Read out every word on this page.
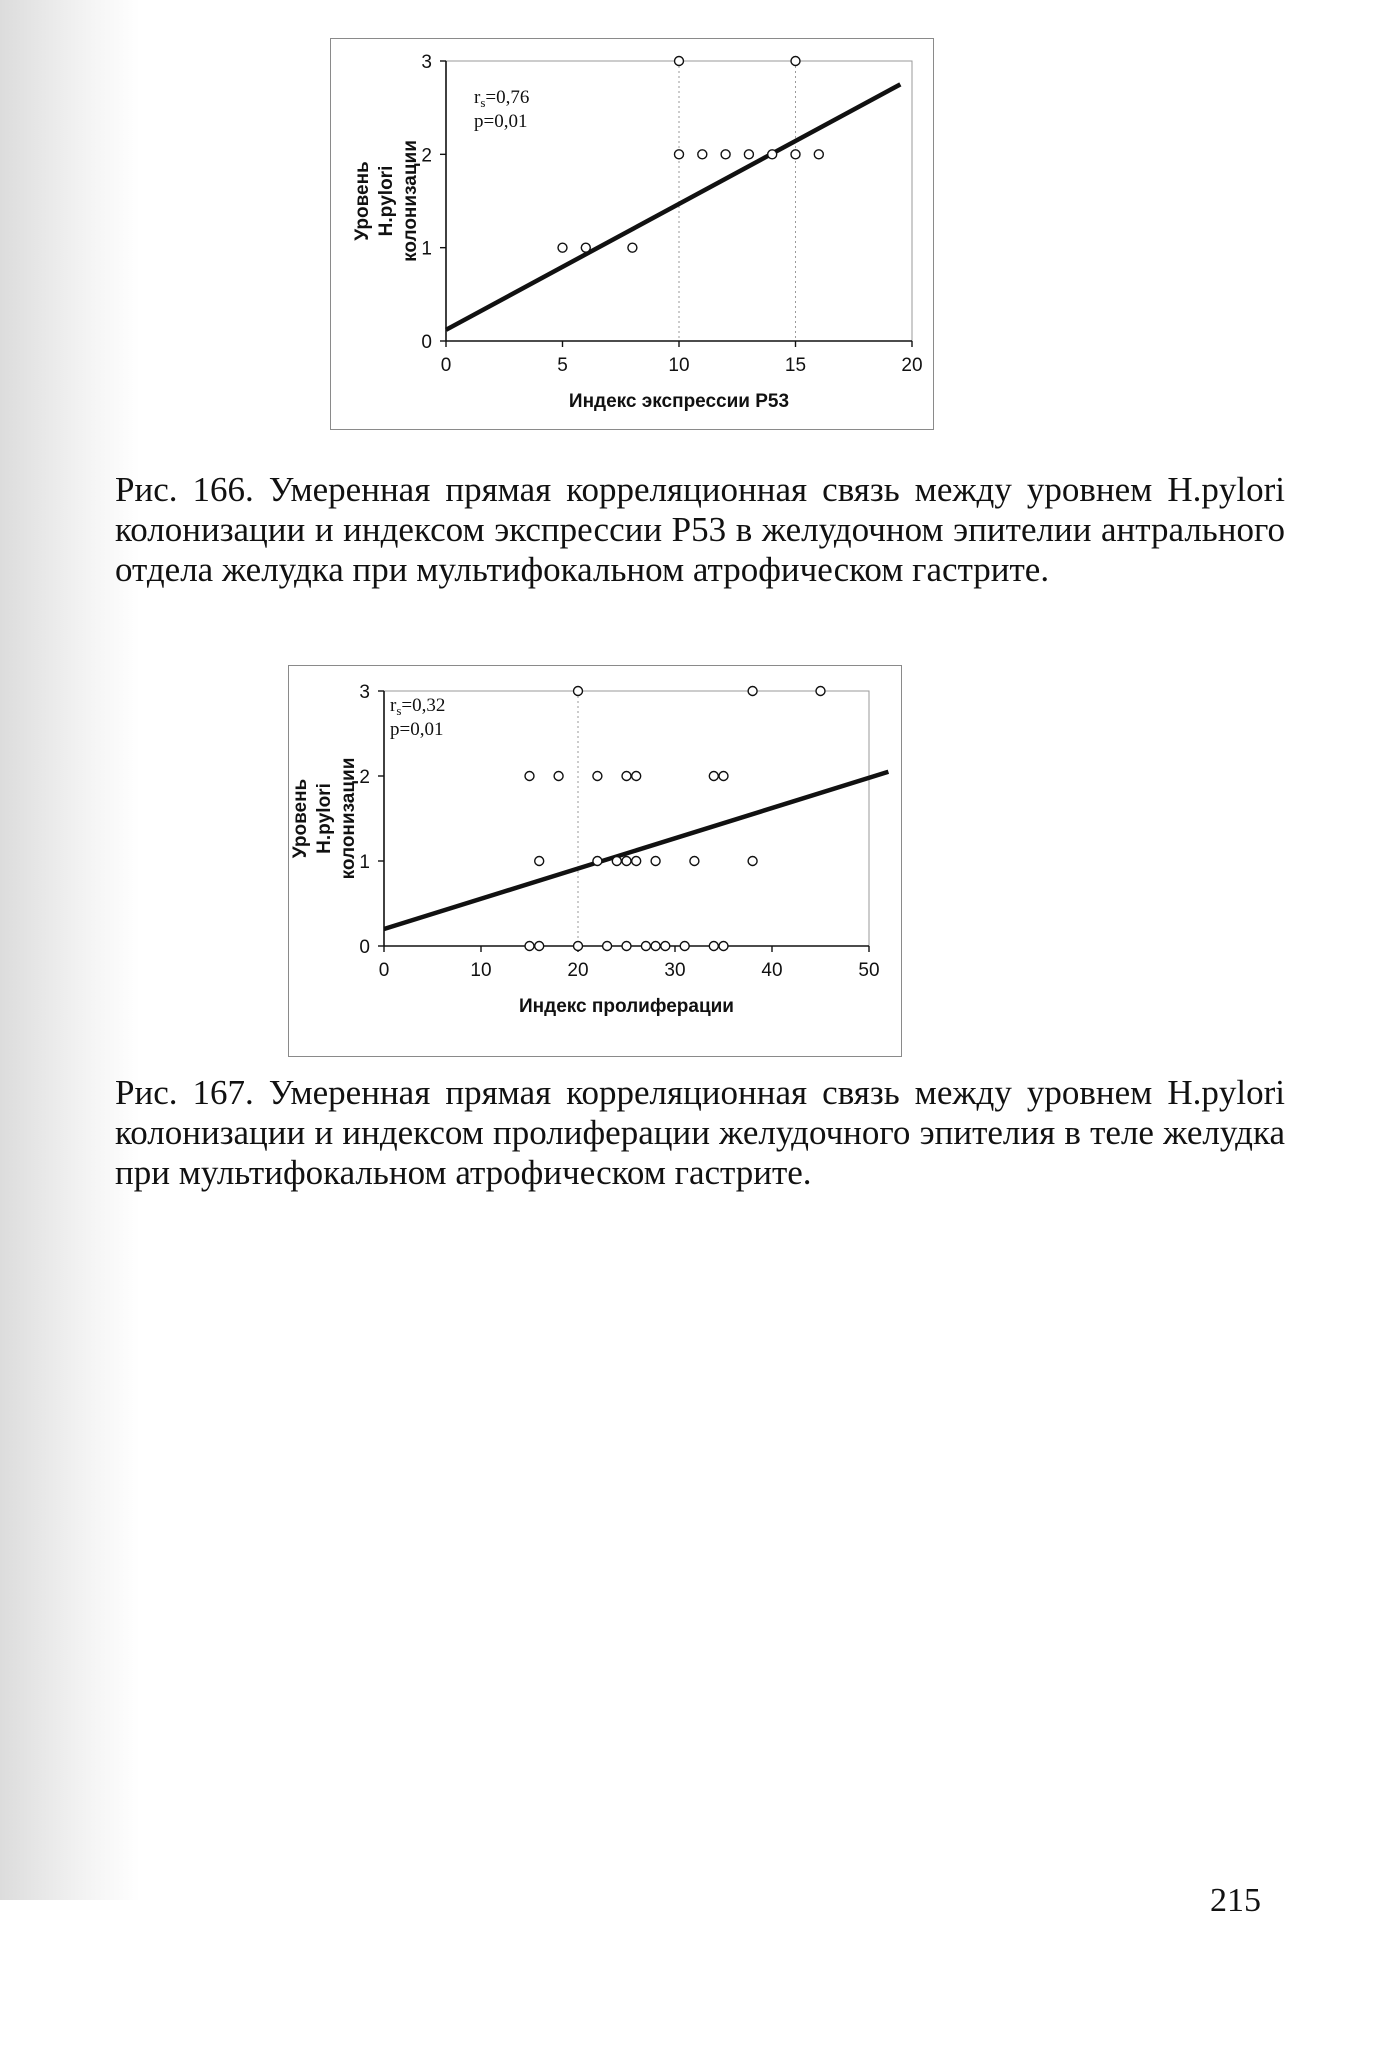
0	5	10	15	20
0
1
2
3
Индекс экспрессии Р53
Уровень H.pylori колонизации
$r_s=0,76$
p=0,01
Рис. 166. Умеренная прямая корреляционная связь между уровнем H.pylori колонизации и индексом экспрессии Р53 в желудочном эпителии антрального отдела желудка при мультифокальном атрофическом гастрите.
0	10	20	30	40	50
0
1
2
3
Индекс пролиферации
Уровень H.pylori колонизации
$r_s=0,32$
p=0,01
Рис. 167. Умеренная прямая корреляционная связь между уровнем H.pylori колонизации и индексом пролиферации желудочного эпителия в теле желудка при мультифокальном атрофическом гастрите.
215
